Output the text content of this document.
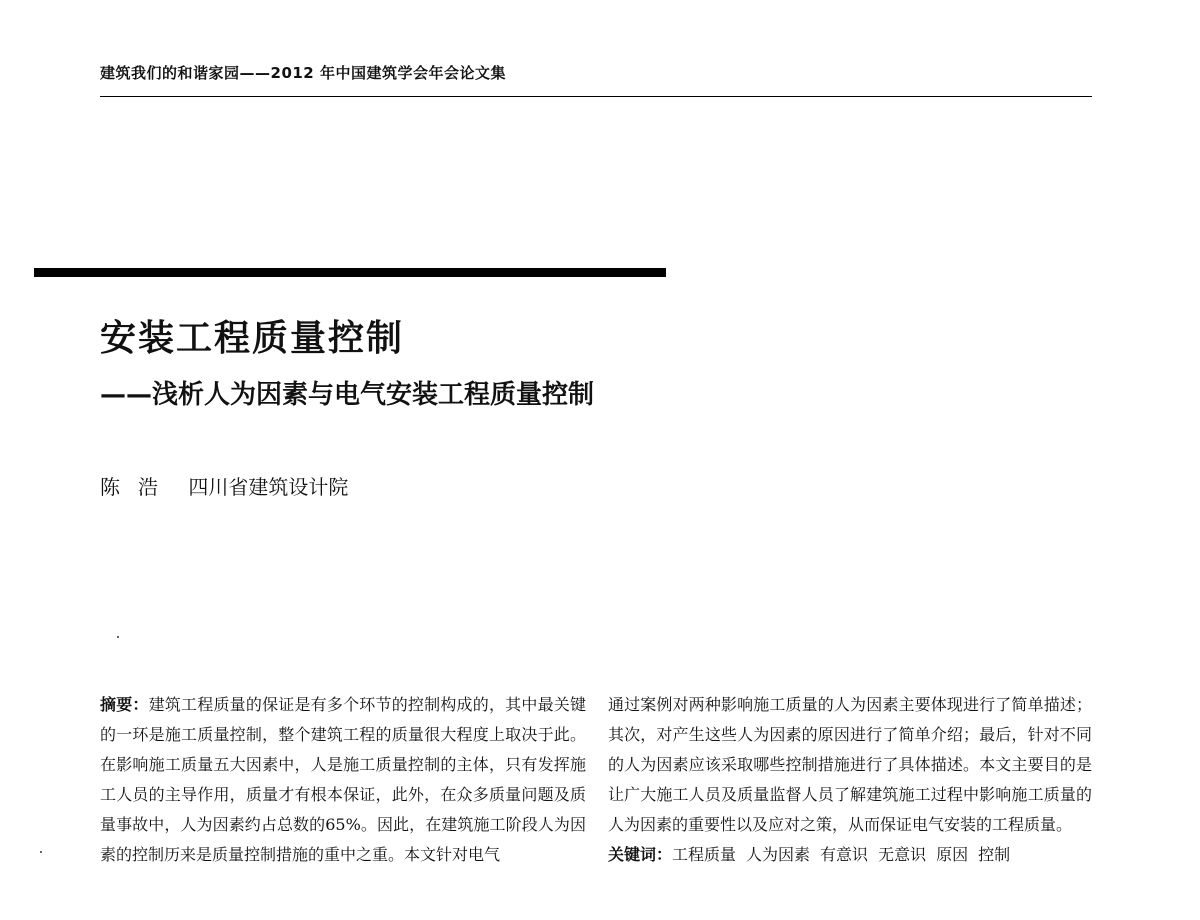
建筑我们的和谐家园——2012 年中国建筑学会年会论文集
安装工程质量控制
——浅析人为因素与电气安装工程质量控制
陈浩 四川省建筑设计院
摘要：建筑工程质量的保证是有多个环节的控制构成的，其中最关键的一环是施工质量控制，整个建筑工程的质量很大程度上取决于此。在影响施工质量五大因素中，人是施工质量控制的主体，只有发挥施工人员的主导作用，质量才有根本保证，此外，在众多质量问题及质量事故中，人为因素约占总数的65%。因此，在建筑施工阶段人为因素的控制历来是质量控制措施的重中之重。本文针对电气
通过案例对两种影响施工质量的人为因素主要体现进行了简单描述；其次，对产生这些人为因素的原因进行了简单介绍；最后，针对不同的人为因素应该采取哪些控制措施进行了具体描述。本文主要目的是让广大施工人员及质量监督人员了解建筑施工过程中影响施工质量的人为因素的重要性以及应对之策，从而保证电气安装的工程质量。
关键词：工程质量 人为因素 有意识 无意识 原因 控制
